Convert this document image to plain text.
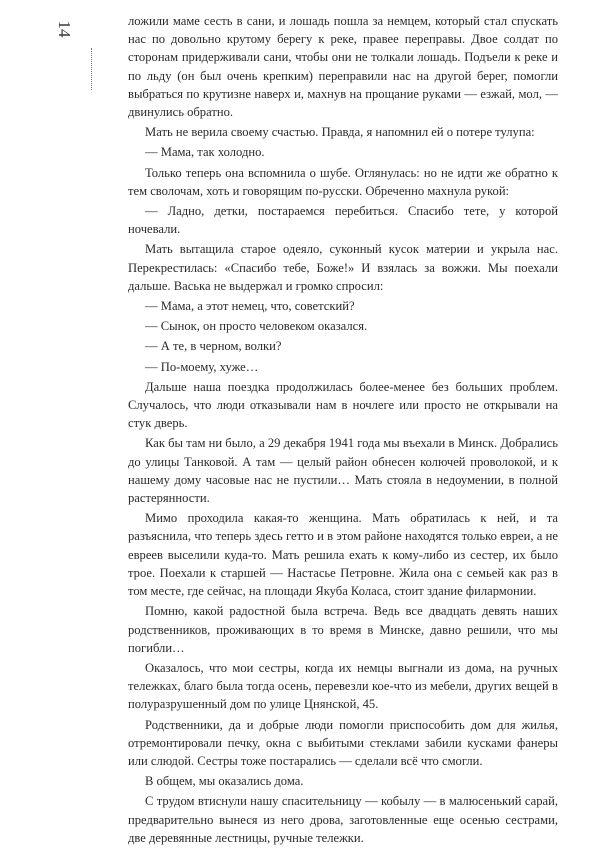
14	ложили маме сесть в сани, и лошадь пошла за немцем, который стал спускать нас по довольно крутому берегу к реке, правее переправы. Двое солдат по сторонам придерживали сани, чтобы они не толкали лошадь. Подъели к реке и по льду (он был очень крепким) переправили нас на другой берег, помогли выбраться по крутизне наверх и, махнув на прощание руками — езжай, мол, — двинулись обратно.

Мать не верила своему счастью. Правда, я напомнил ей о потере тулупа:

— Мама, так холодно.

Только теперь она вспомнила о шубе. Оглянулась: но не идти же обратно к тем сволочам, хоть и говорящим по-русски. Обреченно махнула рукой:

— Ладно, детки, постараемся перебиться. Спасибо тете, у которой ночевали.

Мать вытащила старое одеяло, суконный кусок материи и укрыла нас. Перекрестилась: «Спасибо тебе, Боже!» И взялась за вожжи. Мы поехали дальше. Васька не выдержал и громко спросил:

— Мама, а этот немец, что, советский?

— Сынок, он просто человеком оказался.

— А те, в черном, волки?

— По-моему, хуже…

Дальше наша поездка продолжилась более-менее без больших проблем. Случалось, что люди отказывали нам в ночлеге или просто не открывали на стук дверь.

Как бы там ни было, а 29 декабря 1941 года мы въехали в Минск. Добрались до улицы Танковой. А там — целый район обнесен колючей проволокой, и к нашему дому часовые нас не пустили… Мать стояла в недоумении, в полной растерянности.

Мимо проходила какая-то женщина. Мать обратилась к ней, и та разъяснила, что теперь здесь гетто и в этом районе находятся только евреи, а не евреев выселили куда-то. Мать решила ехать к кому-либо из сестер, их было трое. Поехали к старшей — Настасье Петровне. Жила она с семьей как раз в том месте, где сейчас, на площади Якуба Коласа, стоит здание филармонии.

Помню, какой радостной была встреча. Ведь все двадцать девять наших родственников, проживающих в то время в Минске, давно решили, что мы погибли…

Оказалось, что мои сестры, когда их немцы выгнали из дома, на ручных тележках, благо была тогда осень, перевезли кое-что из мебели, других вещей в полуразрушенный дом по улице Цнянской, 45.

Родственники, да и добрые люди помогли приспособить дом для жилья, отремонтировали печку, окна с выбитыми стеклами забили кусками фанеры или слюдой. Сестры тоже постарались — сделали всё что смогли.

В общем, мы оказались дома.

С трудом втиснули нашу спасительницу — кобылу — в малюсенький сарай, предварительно вынеся из него дрова, заготовленные еще осенью сестрами, две деревянные лестницы, ручные тележки.
